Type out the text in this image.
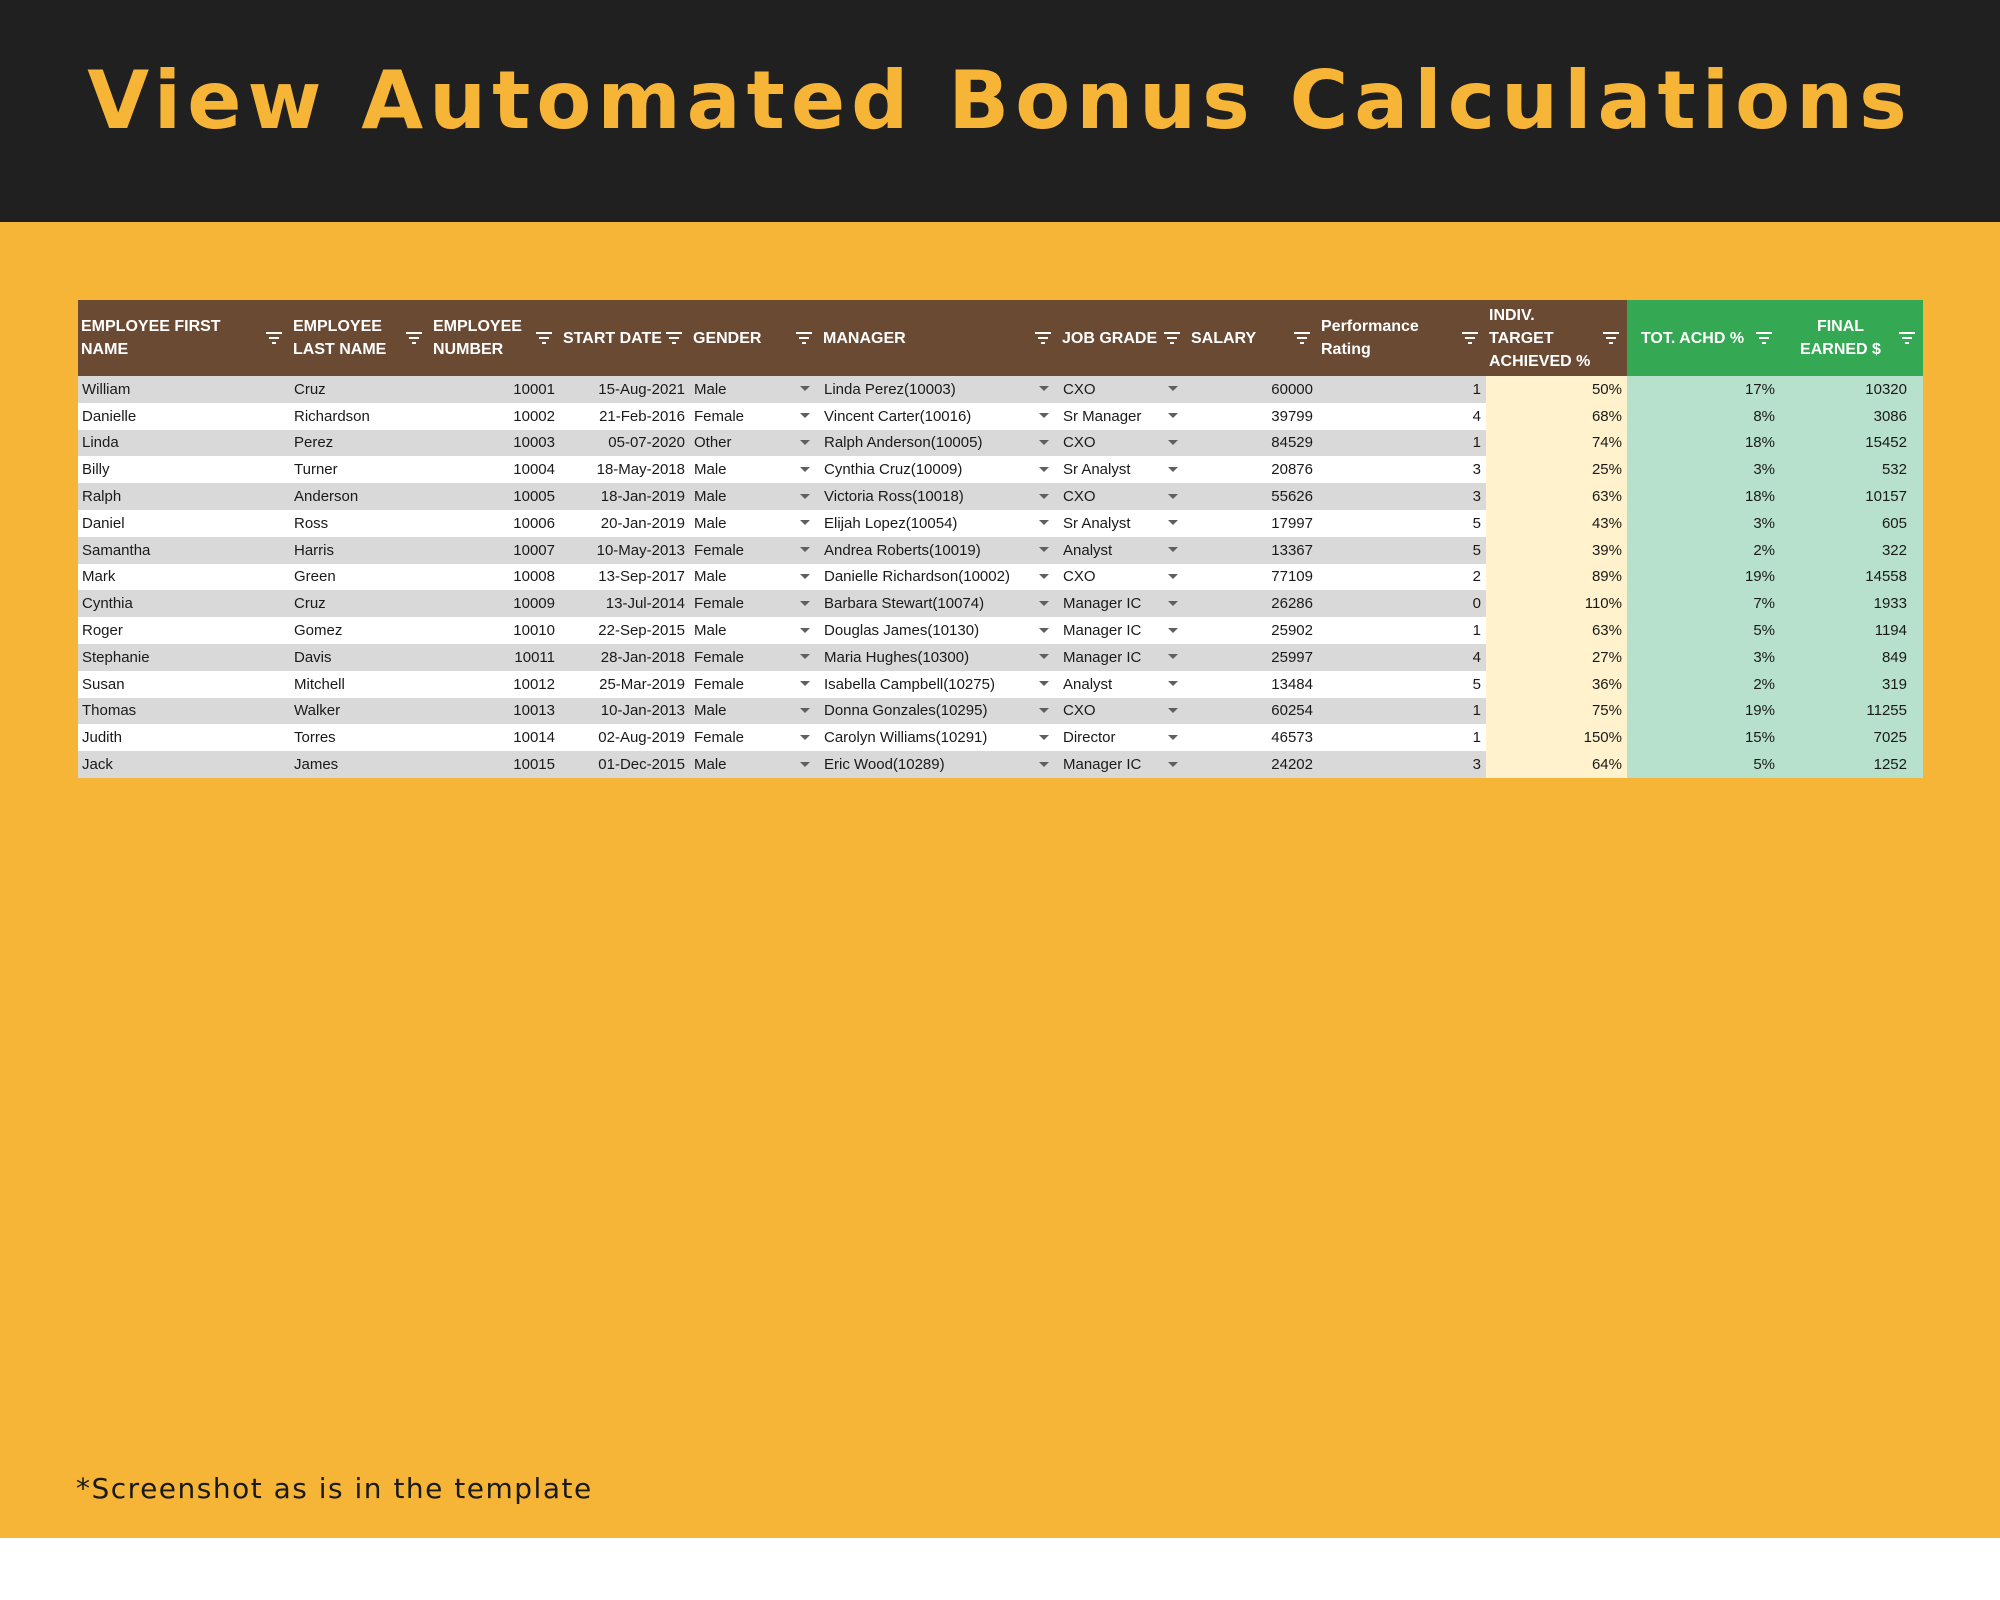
View Automated Bonus Calculations
EMPLOYEE FIRST NAME	EMPLOYEE LAST NAME	EMPLOYEE NUMBER	START DATE	GENDER	MANAGER	JOB GRADE	SALARY	Performance Rating	INDIV. TARGET ACHIEVED %	TOT. ACHD %	FINAL EARNED $

William	Cruz	10001	15-Aug-2021	Male	Linda Perez(10003)	CXO	60000	1	50%	17%	10320
Danielle	Richardson	10002	21-Feb-2016	Female	Vincent Carter(10016)	Sr Manager	39799	4	68%	8%	3086
Linda	Perez	10003	05-07-2020	Other	Ralph Anderson(10005)	CXO	84529	1	74%	18%	15452
Billy	Turner	10004	18-May-2018	Male	Cynthia Cruz(10009)	Sr Analyst	20876	3	25%	3%	532
Ralph	Anderson	10005	18-Jan-2019	Male	Victoria Ross(10018)	CXO	55626	3	63%	18%	10157
Daniel	Ross	10006	20-Jan-2019	Male	Elijah Lopez(10054)	Sr Analyst	17997	5	43%	3%	605
Samantha	Harris	10007	10-May-2013	Female	Andrea Roberts(10019)	Analyst	13367	5	39%	2%	322
Mark	Green	10008	13-Sep-2017	Male	Danielle Richardson(10002)	CXO	77109	2	89%	19%	14558
Cynthia	Cruz	10009	13-Jul-2014	Female	Barbara Stewart(10074)	Manager IC	26286	0	110%	7%	1933
Roger	Gomez	10010	22-Sep-2015	Male	Douglas James(10130)	Manager IC	25902	1	63%	5%	1194
Stephanie	Davis	10011	28-Jan-2018	Female	Maria Hughes(10300)	Manager IC	25997	4	27%	3%	849
Susan	Mitchell	10012	25-Mar-2019	Female	Isabella Campbell(10275)	Analyst	13484	5	36%	2%	319
Thomas	Walker	10013	10-Jan-2013	Male	Donna Gonzales(10295)	CXO	60254	1	75%	19%	11255
Judith	Torres	10014	02-Aug-2019	Female	Carolyn Williams(10291)	Director	46573	1	150%	15%	7025
Jack	James	10015	01-Dec-2015	Male	Eric Wood(10289)	Manager IC	24202	3	64%	5%	1252
*Screenshot as is in the template
